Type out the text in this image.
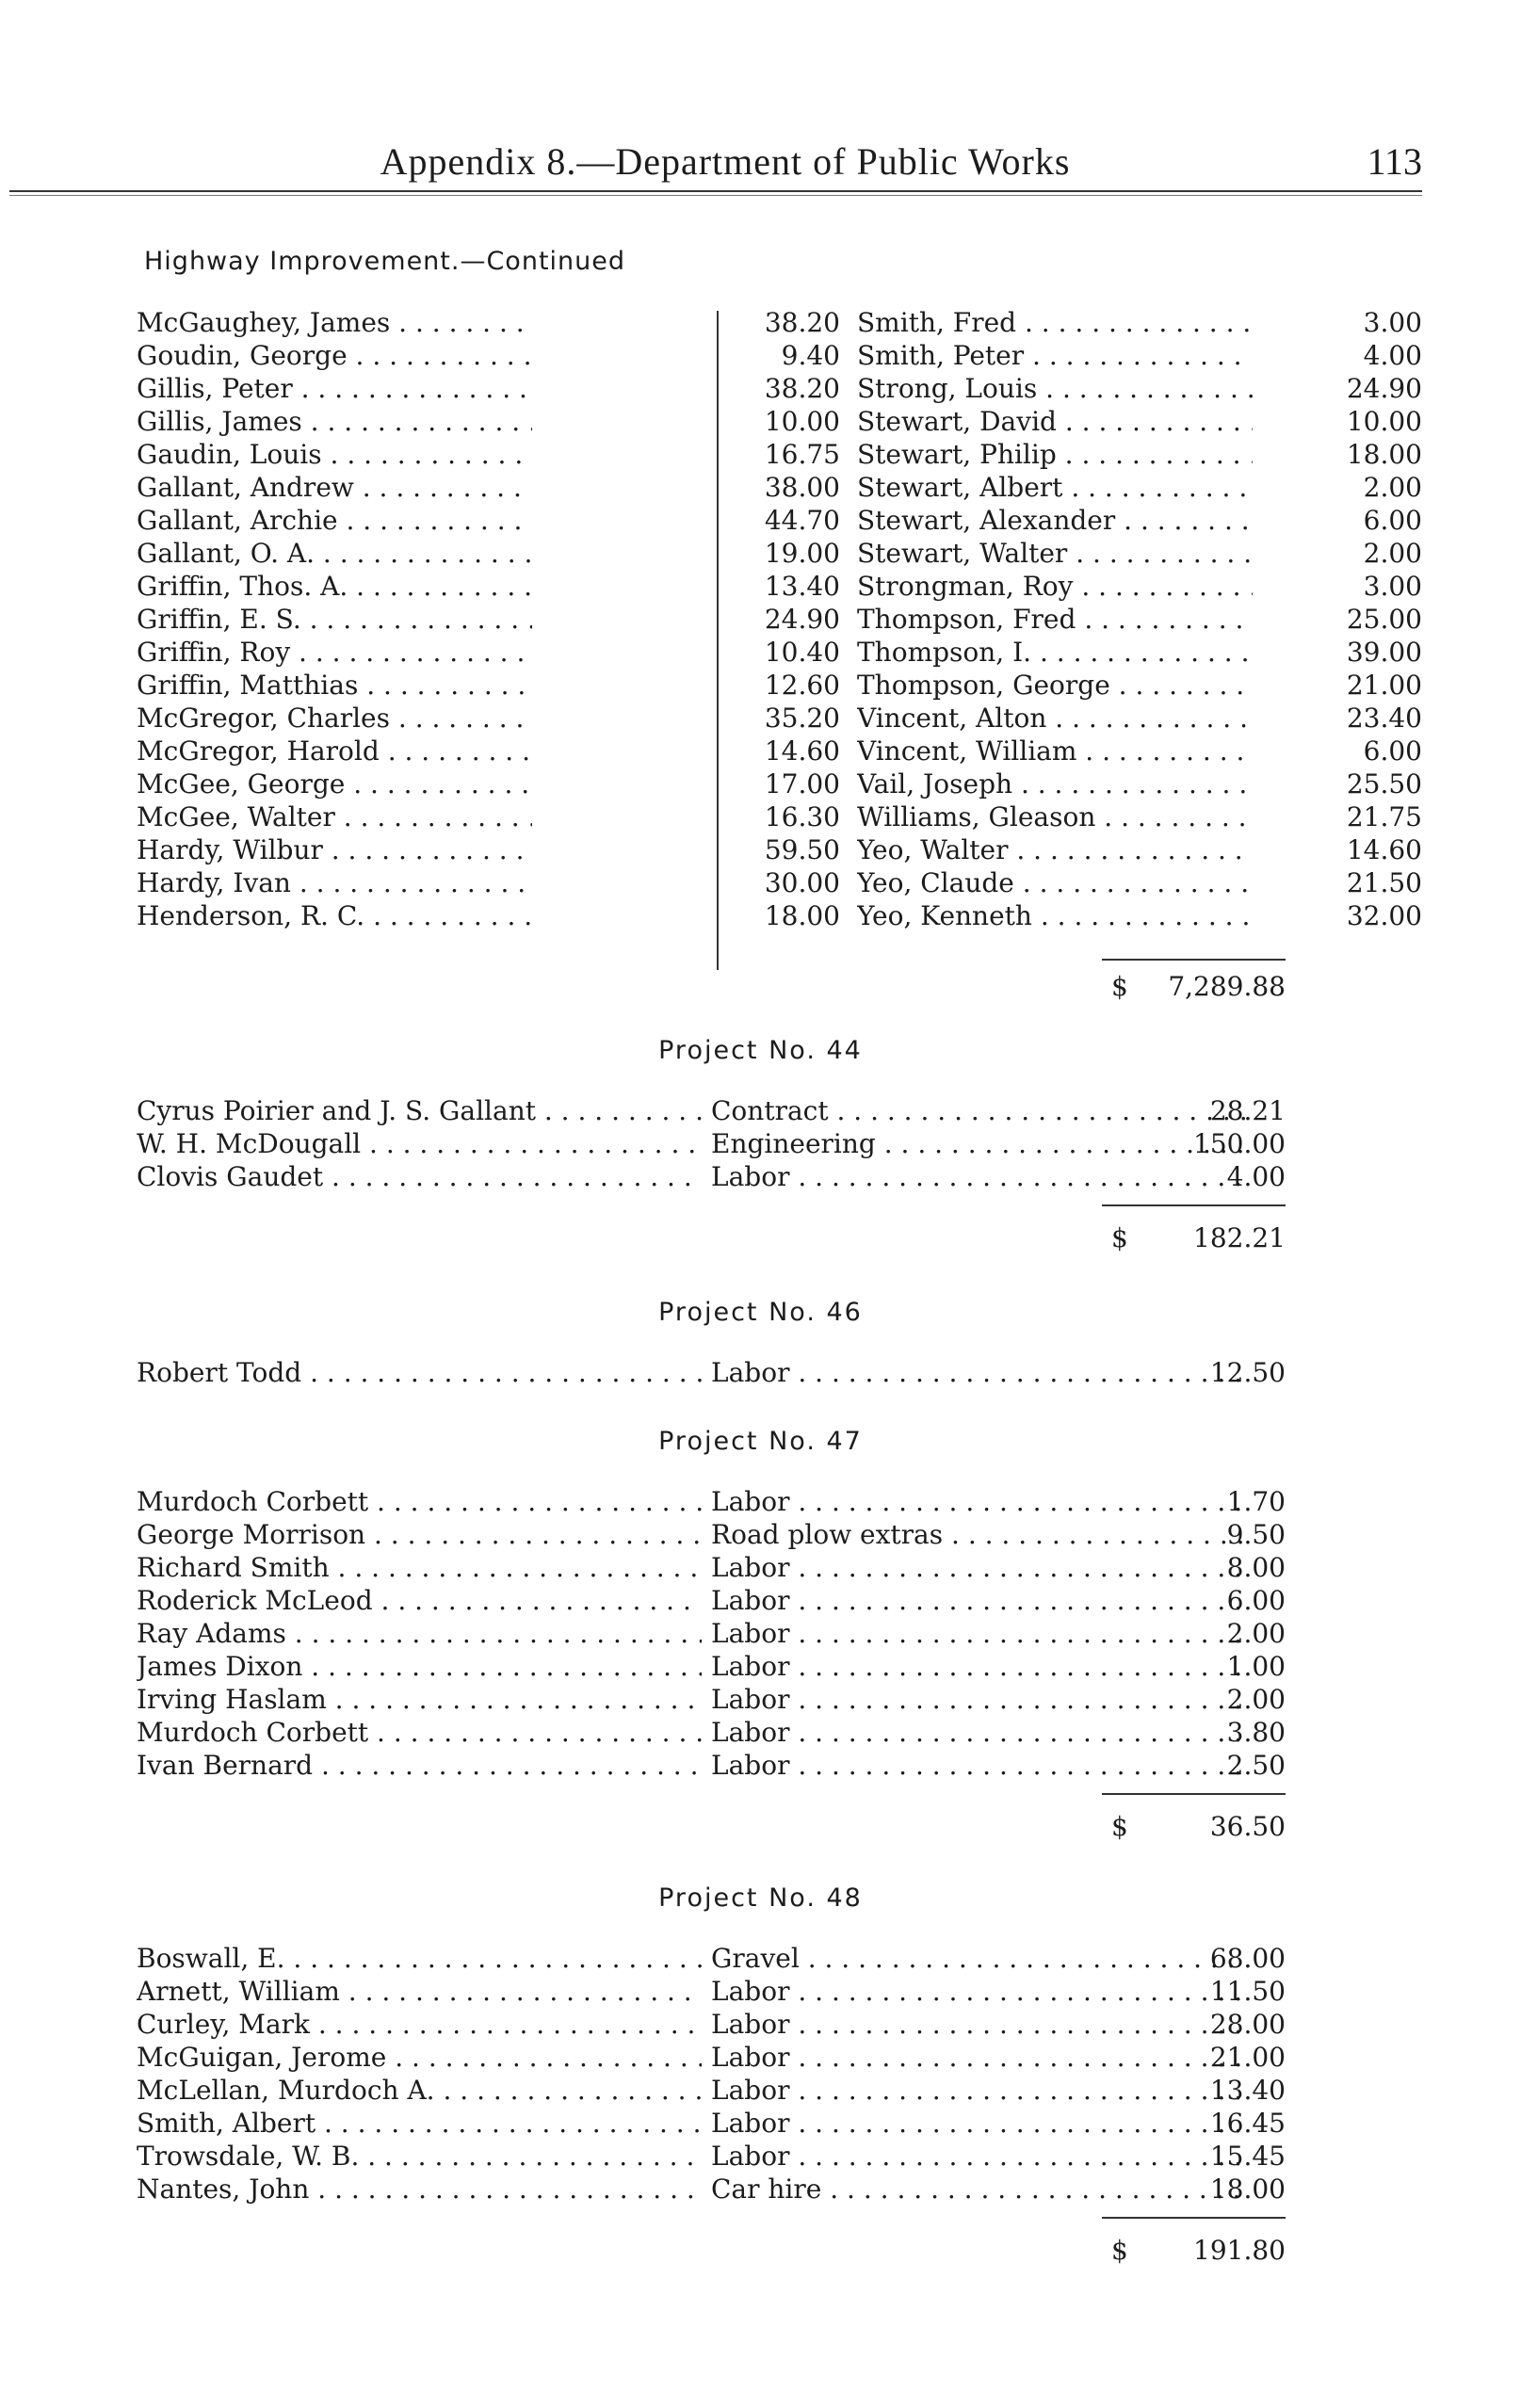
Appendix 8.—Department of Public Works	113
Highway Improvement.—Continued
McGaughey, James . . .	38.20 Smith, Fred . . .	3.00
Goudin, George . . .	9.40 Smith, Peter . . .	4.00
Gillis, Peter . . .	38.20 Strong, Louis . . .	24.90
Gillis, James . . .	10.00 Stewart, David . . .	10.00
Gaudin, Louis . . .	16.75 Stewart, Philip . . .	18.00
Gallant, Andrew . . .	38.00 Stewart, Albert . . .	2.00
Gallant, Archie . . .	44.70 Stewart, Alexander . . .	6.00
Gallant, O. A. . . .	19.00 Stewart, Walter . . .	2.00
Griffin, Thos. A. . . .	13.40 Strongman, Roy . . .	3.00
Griffin, E. S. . . .	24.90 Thompson, Fred . . .	25.00
Griffin, Roy . . .	10.40 Thompson, I. . . .	39.00
Griffin, Matthias . . .	12.60 Thompson, George . . .	21.00
McGregor, Charles . . .	35.20 Vincent, Alton . . .	23.40
McGregor, Harold . . .	14.60 Vincent, William . . .	6.00
McGee, George . . .	17.00 Vail, Joseph . . .	25.50
McGee, Walter . . .	16.30 Williams, Gleason . . .	21.75
Hardy, Wilbur . . .	59.50 Yeo, Walter . . .	14.60
Hardy, Ivan . . .	30.00 Yeo, Claude . . .	21.50
Henderson, R. C. . . .	18.00 Yeo, Kenneth . . .	32.00
$ 7,289.88
Project No. 44
Cyrus Poirier and J. S. Gallant . . .	Contract . . .	28.21
W. H. McDougall . . .	Engineering . . .	150.00
Clovis Gaudet . . .	Labor . . .	4.00
$ 182.21
Project No. 46
Robert Todd . . .	Labor . . .	12.50
Project No. 47
Murdoch Corbett . . .	Labor . . .	1.70
George Morrison . . .	Road plow extras . . .	9.50
Richard Smith . . .	Labor . . .	8.00
Roderick McLeod . . .	Labor . . .	6.00
Ray Adams . . .	Labor . . .	2.00
James Dixon . . .	Labor . . .	1.00
Irving Haslam . . .	Labor . . .	2.00
Murdoch Corbett . . .	Labor . . .	3.80
Ivan Bernard . . .	Labor . . .	2.50
$	36.50
Project No. 48
Boswall, E. . . .	Gravel . . .	68.00
Arnett, William . . .	Labor . . .	11.50
Curley, Mark . . .	Labor . . .	28.00
McGuigan, Jerome . . .	Labor . . .	21.00
McLellan, Murdoch A. . . .	Labor . . .	13.40
Smith, Albert . . .	Labor . . .	16.45
Trowsdale, W. B. . . .	Labor . . .	15.45
Nantes, John . . .	Car hire . . .	18.00
$ 191.80
